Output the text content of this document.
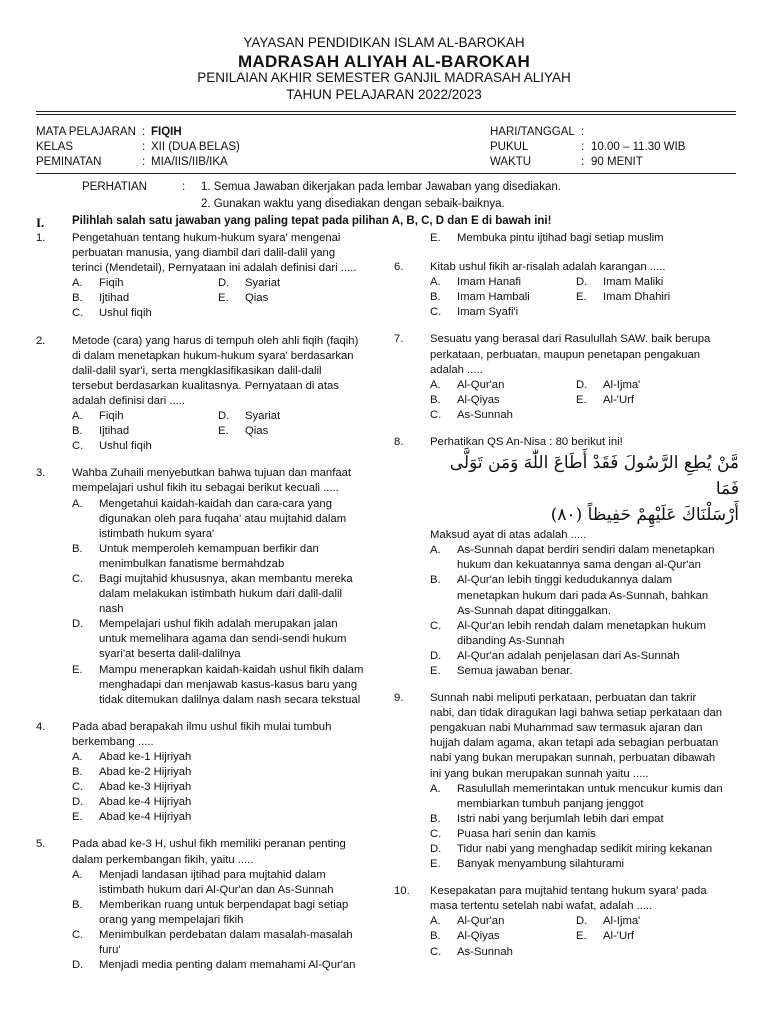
YAYASAN PENDIDIKAN ISLAM AL-BAROKAH
MADRASAH ALIYAH AL-BAROKAH
PENILAIAN AKHIR SEMESTER GANJIL MADRASAH ALIYAH
TAHUN PELAJARAN 2022/2023
MATA PELAJARAN : FIQIH
KELAS	: XII (DUA BELAS)
PEMINATAN	: MIA/IIS/IIB/IKA
HARI/TANGGAL :
PUKUL	: 10.00 – 11.30 WIB
WAKTU	: 90 MENIT
PERHATIAN	: 1. Semua Jawaban dikerjakan pada lembar Jawaban yang disediakan.
2. Gunakan waktu yang disediakan dengan sebaik-baiknya.
I. Pilihlah salah satu jawaban yang paling tepat pada pilihan A, B, C, D dan E di bawah ini!
1. Pengetahuan tentang hukum-hukum syara' mengenai
perbuatan manusia, yang diambil dari dalil-dalil yang
terinci (Mendetail), Pernyataan ini adalah definisi dari .....
A. Fiqih	D. Syariat
B. Ijtihad	E. Qias
C. Ushul fiqih
2. Metode (cara) yang harus di tempuh oleh ahli fiqih (faqih)
di dalam menetapkan hukum-hukum syara' berdasarkan
dalil-dalil syar'i, serta mengklasifikasikan dalil-dalil
tersebut berdasarkan kualitasnya. Pernyataan di atas
adalah definisi dari .....
A. Fiqih	D. Syariat
B. Ijtihad	E. Qias
C. Ushul fiqih
3. Wahba Zuhaili menyebutkan bahwa tujuan dan manfaat
mempelajari ushul fikih itu sebagai berikut kecuali .....
A. Mengetahui kaidah-kaidah dan cara-cara yang
digunakan oleh para fuqaha' atau mujtahid dalam
istimbath hukum syara'
B. Untuk memperoleh kemampuan berfikir dan
menimbulkan fanatisme bermahdzab
C. Bagi mujtahid khususnya, akan membantu mereka
dalam melakukan istimbath hukum dari dalil-dalil
nash
D. Mempelajari ushul fikih adalah merupakan jalan
untuk memelihara agama dan sendi-sendi hukum
syari'at beserta dalil-dalilnya
E. Mampu menerapkan kaidah-kaidah ushul fikih dalam
menghadapi dan menjawab kasus-kasus baru yang
tidak ditemukan dalilnya dalam nash secara tekstual
4. Pada abad berapakah ilmu ushul fikih mulai tumbuh
berkembang .....
A. Abad ke-1 Hijriyah
B. Abad ke-2 Hijriyah
C. Abad ke-3 Hijriyah
D. Abad ke-4 Hijriyah
E. Abad ke-4 Hijriyah
5. Pada abad ke-3 H, ushul fikh memiliki peranan penting
dalam perkembangan fikih, yaitu .....
A. Menjadi landasan ijtihad para mujtahid dalam
istimbath hukum dari Al-Qur'an dan As-Sunnah
B. Memberikan ruang untuk berpendapat bagi setiap
orang yang mempelajari fikih
C. Menimbulkan perdebatan dalam masalah-masalah
furu'
D. Menjadi media penting dalam memahami Al-Qur'an
E. Membuka pintu ijtihad bagi setiap muslim
6. Kitab ushul fikih ar-risalah adalah karangan .....
A. Imam Hanafi	D. Imam Maliki
B. Imam Hambali	E. Imam Dhahiri
C. Imam Syafi'i
7. Sesuatu yang berasal dari Rasulullah SAW. baik berupa
perkataan, perbuatan, maupun penetapan pengakuan
adalah .....
A. Al-Qur'an	D. Al-Ijma'
B. Al-Qiyas	E. Al-'Urf
C. As-Sunnah
8. Perhatikan QS An-Nisa : 80 berikut ini!
مَّنْ يُطِعِ الرَّسُولَ فَقَدْ أَطَاعَ اللّٰهَ وَمَن تَوَلَّى فَمَا
أَرْسَلْنَاكَ عَلَيْهِمْ حَفِيظاً (٨٠)
Maksud ayat di atas adalah .....
A. As-Sunnah dapat berdiri sendiri dalam menetapkan
hukum dan kekuatannya sama dengan al-Qur'an
B. Al-Qur'an lebih tinggi kedudukannya dalam
menetapkan hukum dari pada As-Sunnah, bahkan
As-Sunnah dapat ditinggalkan.
C. Al-Qur'an lebih rendah dalam menetapkan hukum
dibanding As-Sunnah
D. Al-Qur'an adalah penjelasan dari As-Sunnah
E. Semua jawaban benar.
9. Sunnah nabi meliputi perkataan, perbuatan dan takrir
nabi, dan tidak diragukan lagi bahwa setiap perkataan dan
pengakuan nabi Muhammad saw termasuk ajaran dan
hujjah dalam agama, akan tetapi ada sebagian perbuatan
nabi yang bukan merupakan sunnah, perbuatan dibawah
ini yang bukan merupakan sunnah yaitu .....
A. Rasulullah memerintakan untuk mencukur kumis dan
membiarkan tumbuh panjang jenggot
B. Istri nabi yang berjumlah lebih dari empat
C. Puasa hari senin dan kamis
D. Tidur nabi yang menghadap sedikit miring kekanan
E. Banyak menyambung silahturami
10. Kesepakatan para mujtahid tentang hukum syara' pada
masa tertentu setelah nabi wafat, adalah .....
A. Al-Qur'an	D. Al-Ijma'
B. Al-Qiyas	E. Al-'Urf
C. As-Sunnah
